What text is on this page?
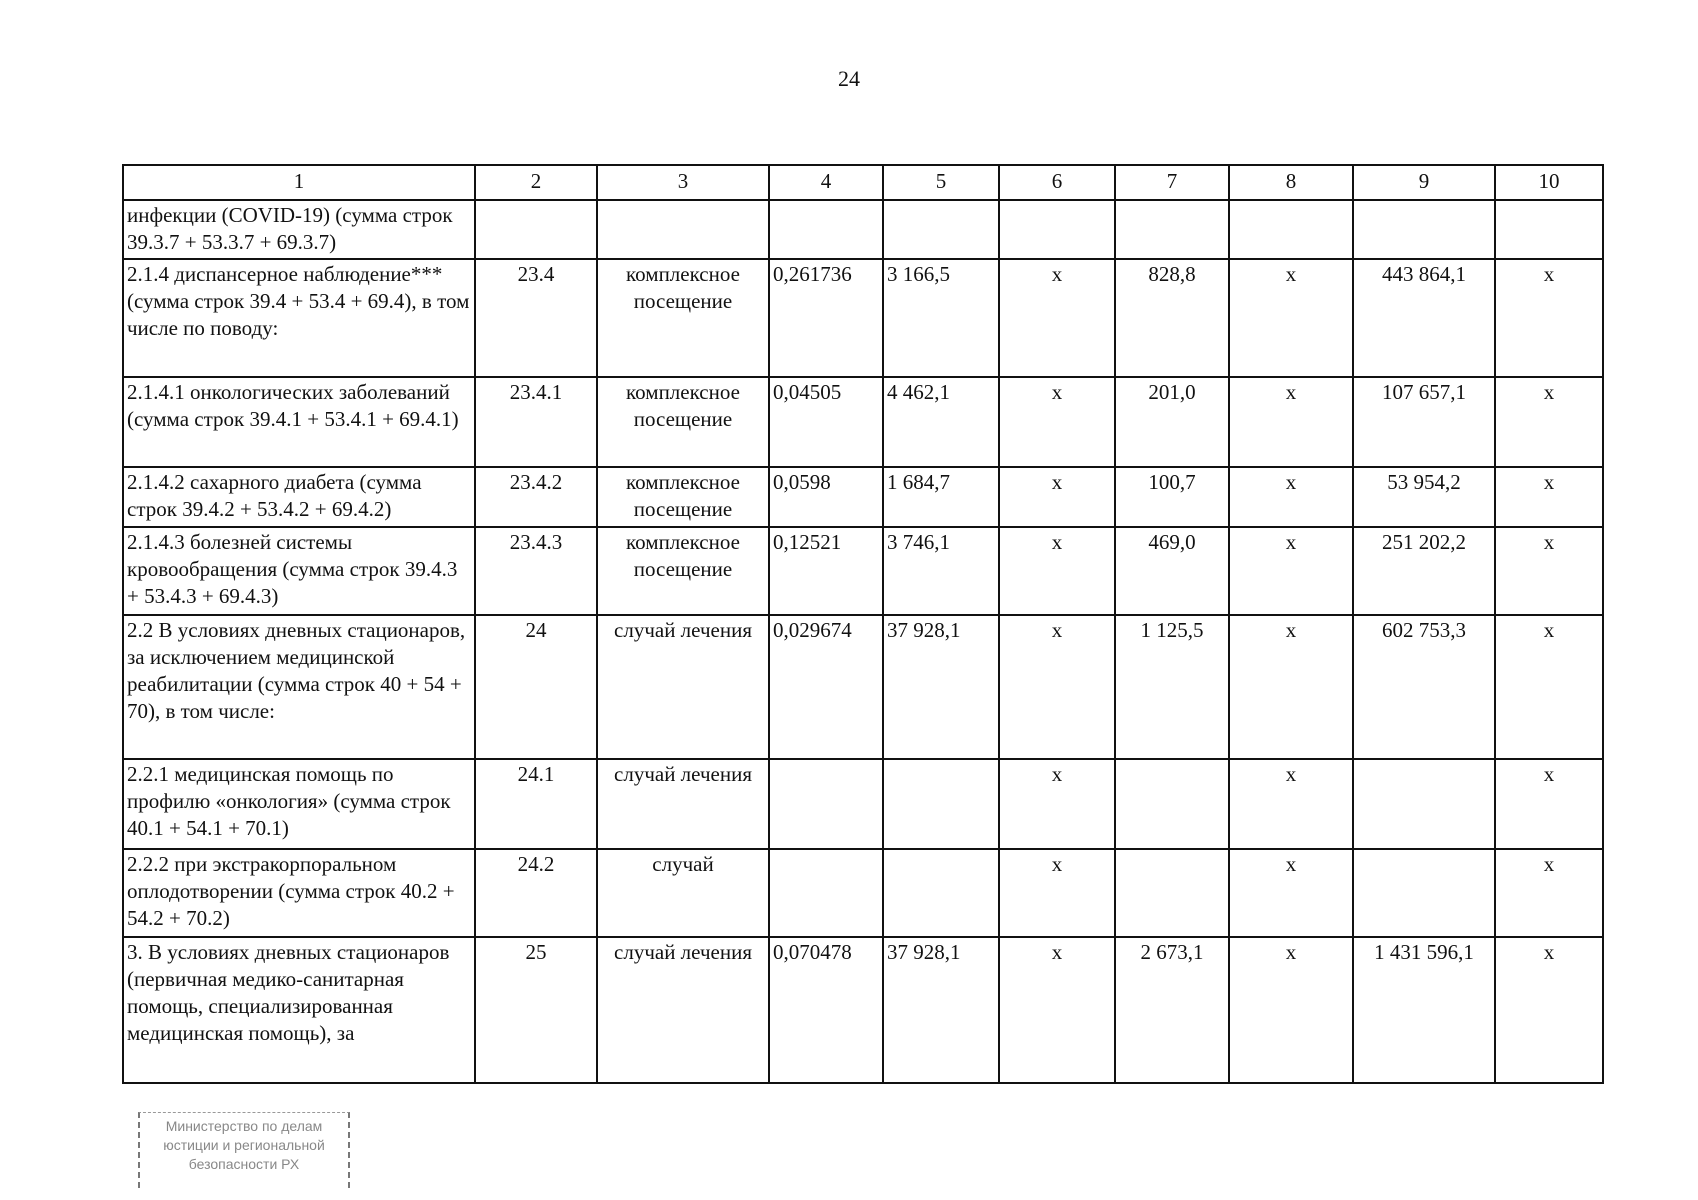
24
1	2	3	4	5	6	7	8	9	10
инфекции (COVID-19) (сумма строк 39.3.7 + 53.3.7 + 69.3.7)									
2.1.4 диспансерное наблюдение*** (сумма строк 39.4 + 53.4 + 69.4), в том числе по поводу:	23.4	комплексное посещение	0,261736	3 166,5	x	828,8	x	443 864,1	x
2.1.4.1 онкологических заболеваний (сумма строк 39.4.1 + 53.4.1 + 69.4.1)	23.4.1	комплексное посещение	0,04505	4 462,1	x	201,0	x	107 657,1	x
2.1.4.2 сахарного диабета (сумма строк 39.4.2 + 53.4.2 + 69.4.2)	23.4.2	комплексное посещение	0,0598	1 684,7	x	100,7	x	53 954,2	x
2.1.4.3 болезней системы кровообращения (сумма строк 39.4.3 + 53.4.3 + 69.4.3)	23.4.3	комплексное посещение	0,12521	3 746,1	x	469,0	x	251 202,2	x
2.2 В условиях дневных стационаров, за исключением медицинской реабилитации (сумма строк 40 + 54 + 70), в том числе:	24	случай лечения	0,029674	37 928,1	x	1 125,5	x	602 753,3	x
2.2.1 медицинская помощь по профилю «онкология» (сумма строк 40.1 + 54.1 + 70.1)	24.1	случай лечения			x		x		x
2.2.2 при экстракорпоральном оплодотворении (сумма строк 40.2 + 54.2 + 70.2)	24.2	случай			x		x		x
3. В условиях дневных стационаров (первичная медико-санитарная помощь, специализированная медицинская помощь), за	25	случай лечения	0,070478	37 928,1	x	2 673,1	x	1 431 596,1	x
Министерство по делам
юстиции и региональной
безопасности РХ
